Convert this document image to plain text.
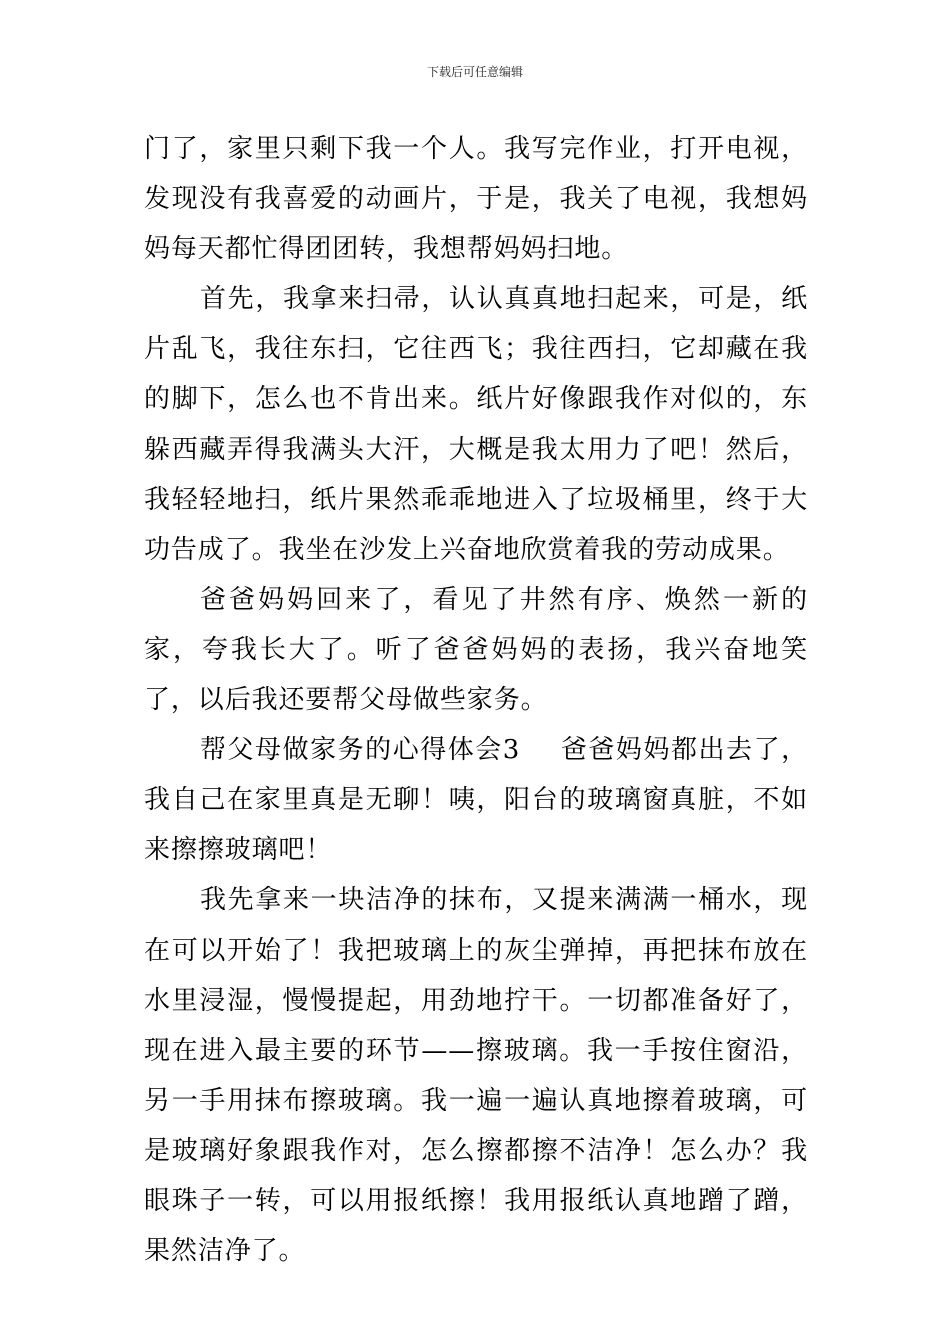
下载后可任意编辑

门了，家里只剩下我一个人。我写完作业，打开电视，发现没有我喜爱的动画片，于是，我关了电视，我想妈妈每天都忙得团团转，我想帮妈妈扫地。

首先，我拿来扫帚，认认真真地扫起来，可是，纸片乱飞，我往东扫，它往西飞；我往西扫，它却藏在我的脚下，怎么也不肯出来。纸片好像跟我作对似的，东躲西藏弄得我满头大汗，大概是我太用力了吧！然后，我轻轻地扫，纸片果然乖乖地进入了垃圾桶里，终于大功告成了。我坐在沙发上兴奋地欣赏着我的劳动成果。

爸爸妈妈回来了，看见了井然有序、焕然一新的家，夸我长大了。听了爸爸妈妈的表扬，我兴奋地笑了，以后我还要帮父母做些家务。

帮父母做家务的心得体会3 爸爸妈妈都出去了，我自己在家里真是无聊！咦，阳台的玻璃窗真脏，不如来擦擦玻璃吧！

我先拿来一块洁净的抹布，又提来满满一桶水，现在可以开始了！我把玻璃上的灰尘弹掉，再把抹布放在水里浸湿，慢慢提起，用劲地拧干。一切都准备好了，现在进入最主要的环节——擦玻璃。我一手按住窗沿，另一手用抹布擦玻璃。我一遍一遍认真地擦着玻璃，可是玻璃好象跟我作对，怎么擦都擦不洁净！怎么办？我眼珠子一转，可以用报纸擦！我用报纸认真地蹭了蹭，果然洁净了。
